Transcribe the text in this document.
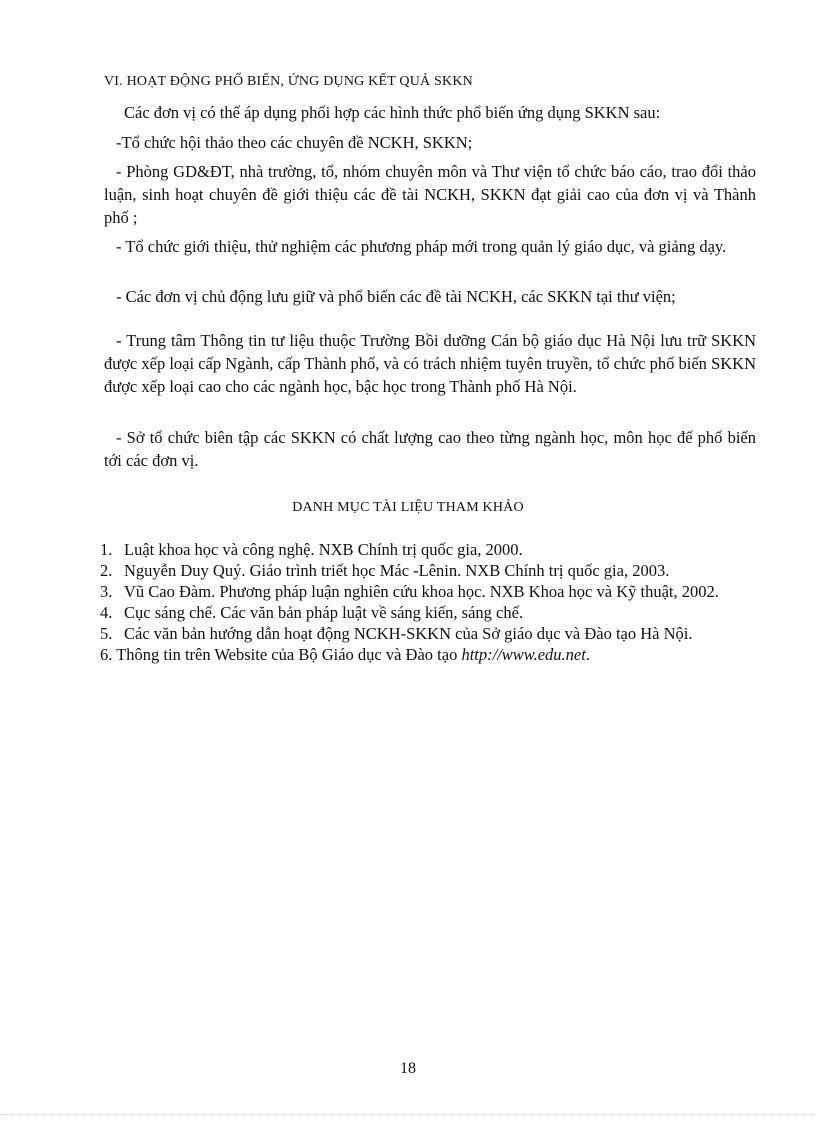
VI. HOẠT ĐỘNG PHỔ BIẾN, ỨNG DỤNG KẾT QUẢ SKKN
Các đơn vị có thể áp dụng phối hợp các hình thức phổ biến ứng dụng SKKN sau:
-Tổ chức hội thảo theo các chuyên đề NCKH, SKKN;
- Phòng GD&ĐT, nhà trường, tổ, nhóm chuyên môn và Thư viện tổ chức báo cáo, trao đổi thảo luận, sinh hoạt chuyên đề giới thiệu các đề tài NCKH, SKKN đạt giải cao của đơn vị và Thành phố ;
- Tổ chức giới thiệu, thử nghiệm các phương pháp mới trong quản lý giáo dục, và giảng dạy.
- Các đơn vị chủ động lưu giữ và phổ biến các đề tài NCKH, các SKKN tại thư viện;
- Trung tâm Thông tin tư liệu thuộc Trường Bồi dưỡng Cán bộ giáo dục Hà Nội lưu trữ SKKN được xếp loại cấp Ngành, cấp Thành phố, và có trách nhiệm tuyên truyền, tổ chức phổ biến SKKN được xếp loại cao cho các ngành học, bậc học trong Thành phố Hà Nội.
- Sở tổ chức biên tập các SKKN có chất lượng cao theo từng ngành học, môn học để phổ biến tới các đơn vị.
DANH MỤC TÀI LIỆU THAM KHẢO
1. Luật khoa học và công nghệ. NXB Chính trị quốc gia, 2000.
2. Nguyễn Duy Quý. Giáo trình triết học Mác -Lênin. NXB Chính trị quốc gia, 2003.
3. Vũ Cao Đàm. Phương pháp luận nghiên cứu khoa học. NXB Khoa học và Kỹ thuật, 2002.
4. Cục sáng chế. Các văn bản pháp luật về sáng kiến, sáng chế.
5. Các văn bản hướng dẫn hoạt động NCKH-SKKN của Sở giáo dục và Đào tạo Hà Nội.
6. Thông tin trên Website của Bộ Giáo dục và Đào tạo http://www.edu.net.
18
